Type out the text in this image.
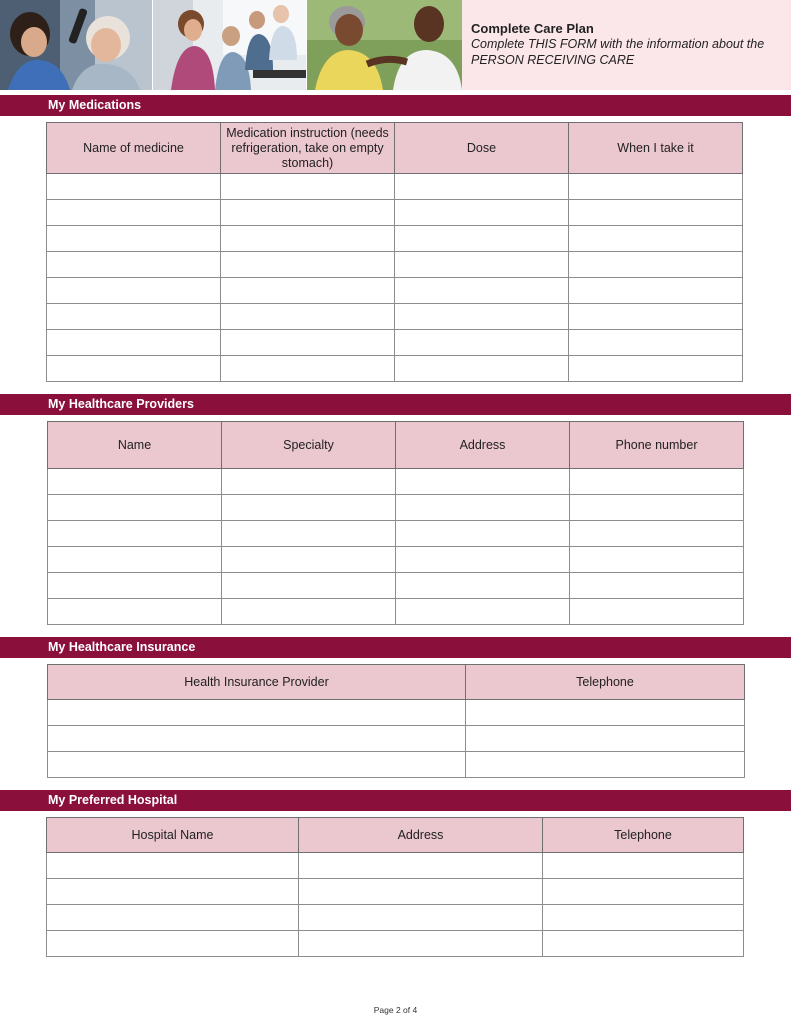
Complete Care Plan
Complete THIS FORM with the information about the PERSON RECEIVING CARE
My Medications
Name of medicine	Medication instruction (needs refrigeration, take on empty stomach)	Dose	When I take it

My Healthcare Providers
Name	Specialty	Address	Phone number

My Healthcare Insurance
Health Insurance Provider	Telephone

My Preferred Hospital
Hospital Name	Address	Telephone

Page 2 of 4
